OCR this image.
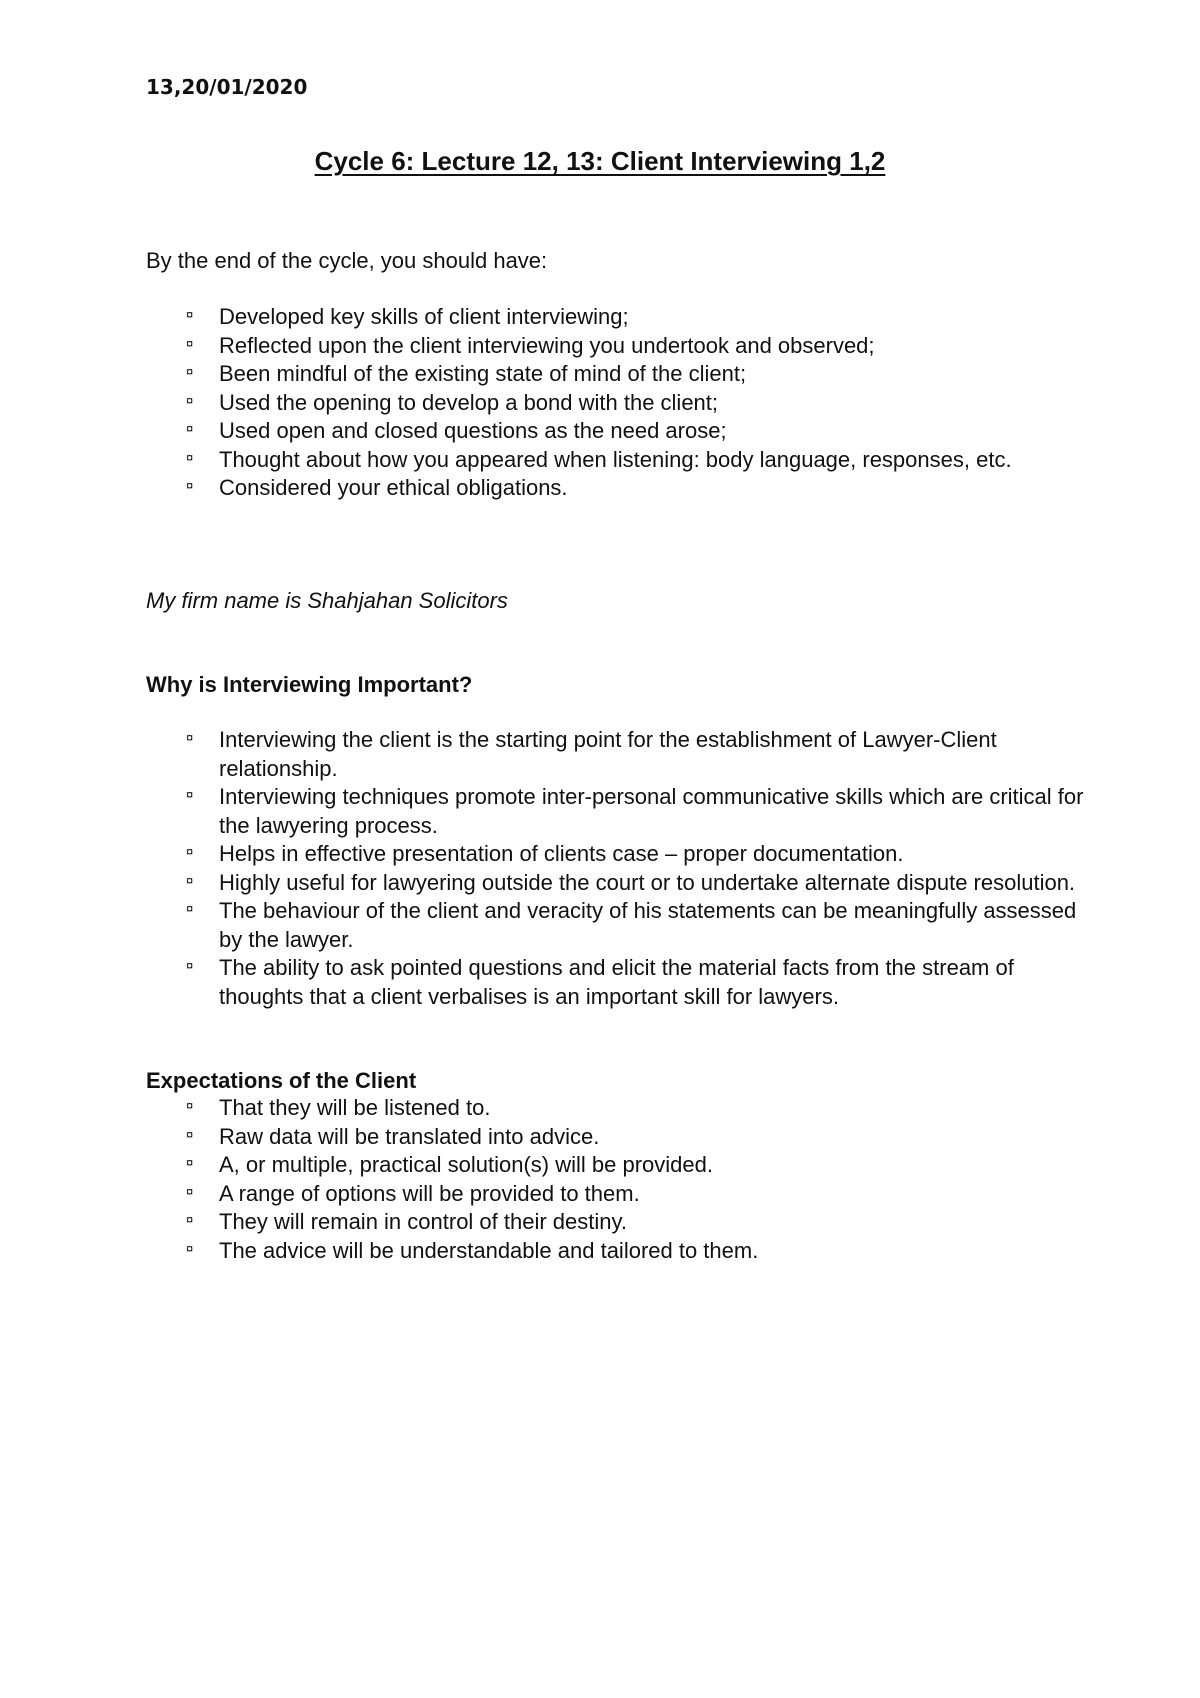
13,20/01/2020
Cycle 6: Lecture 12, 13: Client Interviewing 1,2
By the end of the cycle, you should have:
¤ Developed key skills of client interviewing;
¤ Reflected upon the client interviewing you undertook and observed;
¤ Been mindful of the existing state of mind of the client;
¤ Used the opening to develop a bond with the client;
¤ Used open and closed questions as the need arose;
¤ Thought about how you appeared when listening: body language, responses, etc.
¤ Considered your ethical obligations.
My firm name is Shahjahan Solicitors
Why is Interviewing Important?
¤ Interviewing the client is the starting point for the establishment of Lawyer-Client relationship.
¤ Interviewing techniques promote inter-personal communicative skills which are critical for the lawyering process.
¤ Helps in effective presentation of clients case – proper documentation.
¤ Highly useful for lawyering outside the court or to undertake alternate dispute resolution.
¤ The behaviour of the client and veracity of his statements can be meaningfully assessed by the lawyer.
¤ The ability to ask pointed questions and elicit the material facts from the stream of thoughts that a client verbalises is an important skill for lawyers.
Expectations of the Client
¤ That they will be listened to.
¤ Raw data will be translated into advice.
¤ A, or multiple, practical solution(s) will be provided.
¤ A range of options will be provided to them.
¤ They will remain in control of their destiny.
¤ The advice will be understandable and tailored to them.
